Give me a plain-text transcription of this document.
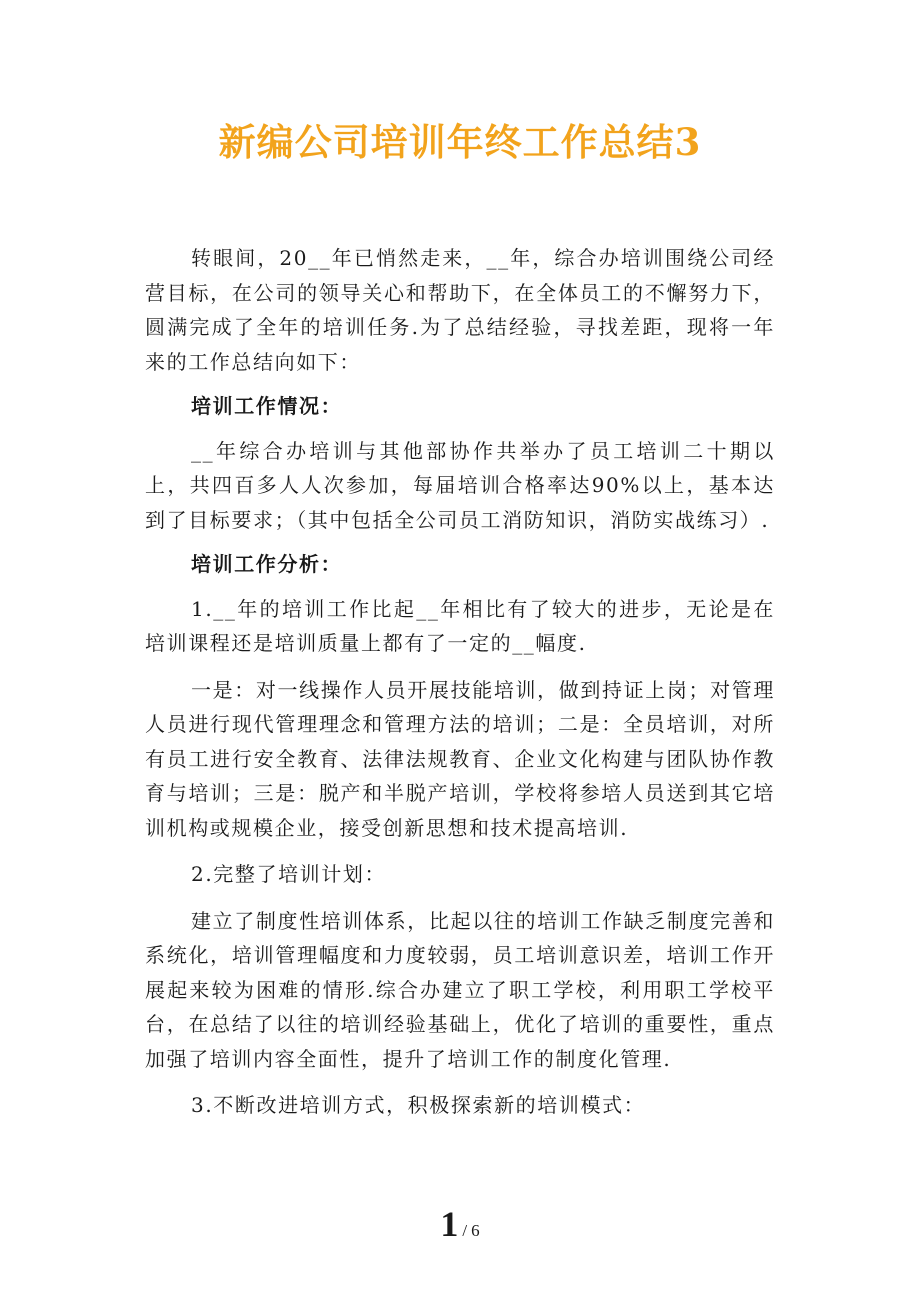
新编公司培训年终工作总结3

转眼间，20__年已悄然走来，__年，综合办培训围绕公司经营目标，在公司的领导关心和帮助下，在全体员工的不懈努力下，圆满完成了全年的培训任务.为了总结经验，寻找差距，现将一年来的工作总结向如下：

培训工作情况：

__年综合办培训与其他部协作共举办了员工培训二十期以上，共四百多人人次参加，每届培训合格率达90%以上，基本达到了目标要求；（其中包括全公司员工消防知识，消防实战练习）.

培训工作分析：

1.__年的培训工作比起__年相比有了较大的进步，无论是在培训课程还是培训质量上都有了一定的__幅度.

一是：对一线操作人员开展技能培训，做到持证上岗；对管理人员进行现代管理理念和管理方法的培训；二是：全员培训，对所有员工进行安全教育、法律法规教育、企业文化构建与团队协作教育与培训；三是：脱产和半脱产培训，学校将参培人员送到其它培训机构或规模企业，接受创新思想和技术提高培训.

2.完整了培训计划：

建立了制度性培训体系，比起以往的培训工作缺乏制度完善和系统化，培训管理幅度和力度较弱，员工培训意识差，培训工作开展起来较为困难的情形.综合办建立了职工学校，利用职工学校平台，在总结了以往的培训经验基础上，优化了培训的重要性，重点加强了培训内容全面性，提升了培训工作的制度化管理.

3.不断改进培训方式，积极探索新的培训模式：

1 / 6
